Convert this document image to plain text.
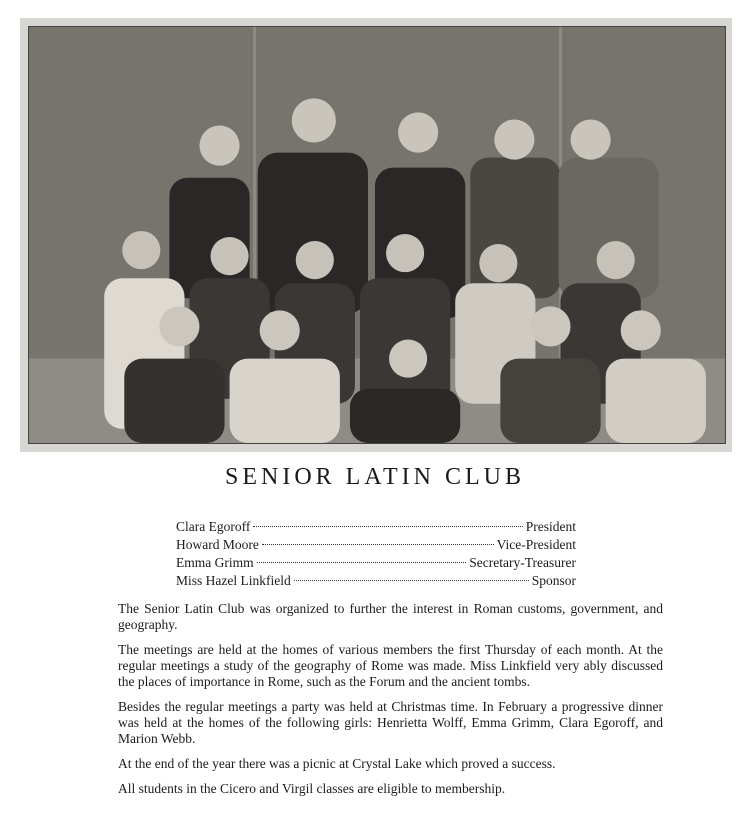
SENIOR LATIN CLUB
Clara Egoroff	President
Howard Moore	Vice-President
Emma Grimm	Secretary-Treasurer
Miss Hazel Linkfield	Sponsor

The Senior Latin Club was organized to further the interest in Roman customs, government, and geography.

The meetings are held at the homes of various members the first Thursday of each month. At the regular meetings a study of the geography of Rome was made. Miss Linkfield very ably discussed the places of importance in Rome, such as the Forum and the ancient tombs.

Besides the regular meetings a party was held at Christmas time. In February a progressive dinner was held at the homes of the following girls: Henrietta Wolff, Emma Grimm, Clara Egoroff, and Marion Webb.

At the end of the year there was a picnic at Crystal Lake which proved a success.

All students in the Cicero and Virgil classes are eligible to membership.
